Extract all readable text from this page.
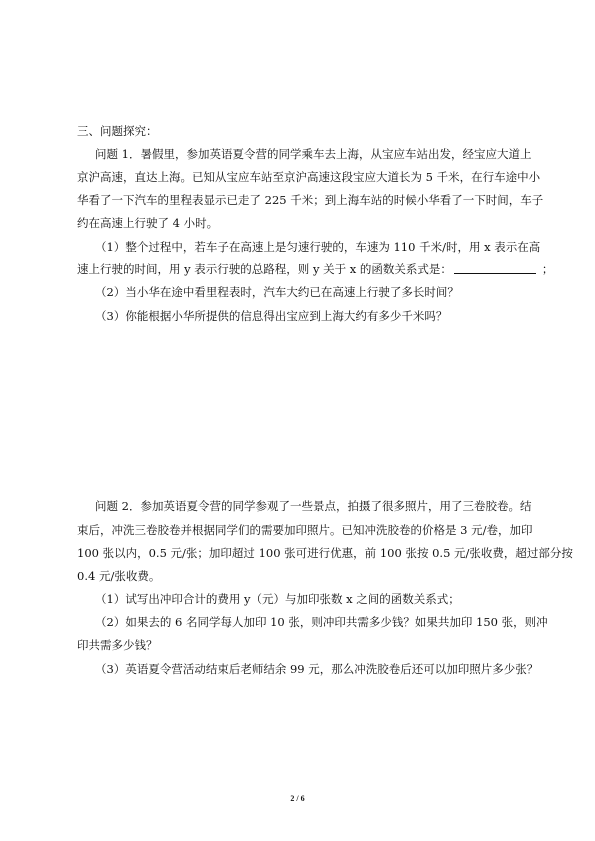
三、问题探究：
问题 1．暑假里，参加英语夏令营的同学乘车去上海，从宝应车站出发，经宝应大道上
京沪高速，直达上海。已知从宝应车站至京沪高速这段宝应大道长为 5 千米，在行车途中小
华看了一下汽车的里程表显示已走了 225 千米；到上海车站的时候小华看了一下时间，车子
约在高速上行驶了 4 小时。
（1）整个过程中，若车子在高速上是匀速行驶的，车速为 110 千米/时，用 x 表示在高
速上行驶的时间，用 y 表示行驶的总路程，则 y 关于 x 的函数关系式是：	；
（2）当小华在途中看里程表时，汽车大约已在高速上行驶了多长时间？
（3）你能根据小华所提供的信息得出宝应到上海大约有多少千米吗？
问题 2．参加英语夏令营的同学参观了一些景点，拍摄了很多照片，用了三卷胶卷。结
束后，冲洗三卷胶卷并根据同学们的需要加印照片。已知冲洗胶卷的价格是 3 元/卷，加印
100 张以内，0.5 元/张；加印超过 100 张可进行优惠，前 100 张按 0.5 元/张收费，超过部分按
0.4 元/张收费。
（1）试写出冲印合计的费用 y（元）与加印张数 x 之间的函数关系式；
（2）如果去的 6 名同学每人加印 10 张，则冲印共需多少钱？如果共加印 150 张，则冲
印共需多少钱？
（3）英语夏令营活动结束后老师结余 99 元，那么冲洗胶卷后还可以加印照片多少张？
2 / 6
